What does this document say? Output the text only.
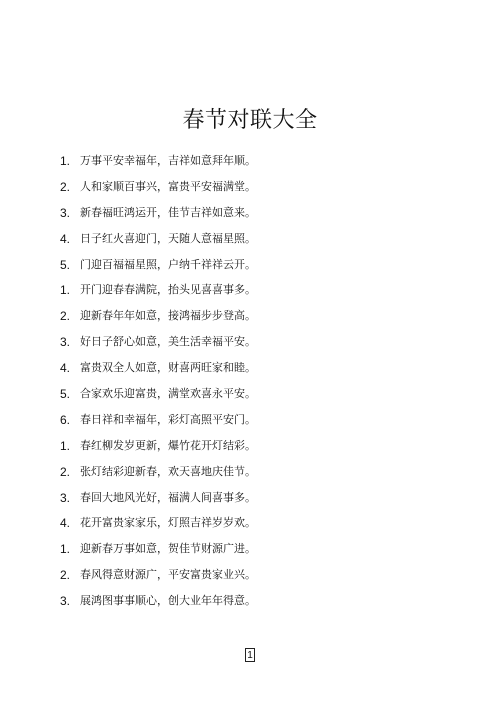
春节对联大全
1. 万事平安幸福年，吉祥如意拜年顺。
2. 人和家顺百事兴，富贵平安福满堂。
3. 新春福旺鸿运开，佳节吉祥如意来。
4. 日子红火喜迎门，天随人意福星照。
5. 门迎百福福星照，户纳千祥祥云开。
1. 开门迎春春满院，抬头见喜喜事多。
2. 迎新春年年如意，接鸿福步步登高。
3. 好日子舒心如意，美生活幸福平安。
4. 富贵双全人如意，财喜两旺家和睦。
5. 合家欢乐迎富贵，满堂欢喜永平安。
6. 春日祥和幸福年，彩灯高照平安门。
1. 春红柳发岁更新，爆竹花开灯结彩。
2. 张灯结彩迎新春，欢天喜地庆佳节。
3. 春回大地风光好，福满人间喜事多。
4. 花开富贵家家乐，灯照吉祥岁岁欢。
1. 迎新春万事如意，贺佳节财源广进。
2. 春风得意财源广，平安富贵家业兴。
3. 展鸿图事事顺心，创大业年年得意。
1
